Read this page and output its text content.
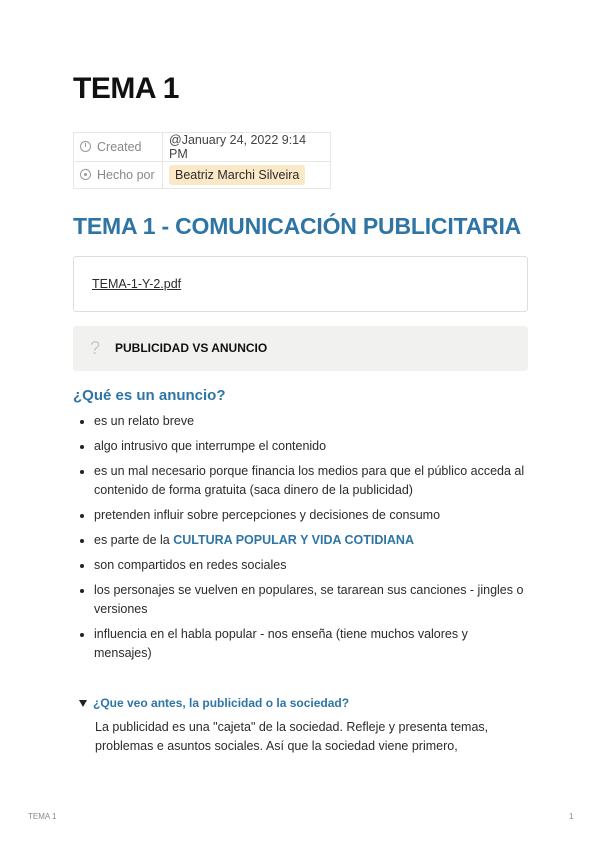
TEMA 1
Created	@January 24, 2022 9:14 PM
Hecho por	Beatriz Marchi Silveira
TEMA 1 - COMUNICACIÓN PUBLICITARIA
TEMA-1-Y-2.pdf
? PUBLICIDAD VS ANUNCIO
¿Qué es un anuncio?
es un relato breve
algo intrusivo que interrumpe el contenido
es un mal necesario porque financia los medios para que el público acceda al contenido de forma gratuita (saca dinero de la publicidad)
pretenden influir sobre percepciones y decisiones de consumo
es parte de la CULTURA POPULAR Y VIDA COTIDIANA
son compartidos en redes sociales
los personajes se vuelven en populares, se tararean sus canciones - jingles o versiones
influencia en el habla popular - nos enseña (tiene muchos valores y mensajes)
¿Que veo antes, la publicidad o la sociedad?

La publicidad es una "cajeta" de la sociedad. Refleje y presenta temas, problemas e asuntos sociales. Así que la sociedad viene primero,

TEMA 1	1
